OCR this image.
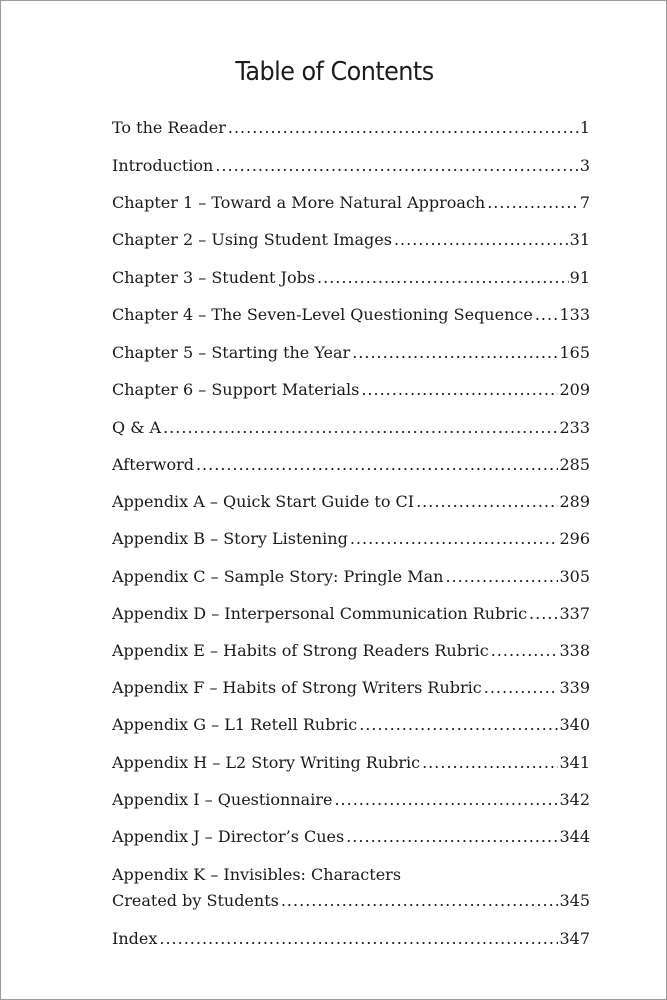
Table of Contents
To the Reader .....	1
Introduction .....	3
Chapter 1 – Toward a More Natural Approach .....	7
Chapter 2 – Using Student Images .....	31
Chapter 3 – Student Jobs .....	91
Chapter 4 – The Seven-Level Questioning Sequence ..... 133
Chapter 5 – Starting the Year .....	165
Chapter 6 – Support Materials .....	209
Q & A .....	233
Afterword .....	285
Appendix A – Quick Start Guide to CI .....	289
Appendix B – Story Listening .....	296
Appendix C – Sample Story: Pringle Man .....	305
Appendix D – Interpersonal Communication Rubric ..... 337
Appendix E – Habits of Strong Readers Rubric .....	338
Appendix F – Habits of Strong Writers Rubric .....	339
Appendix G – L1 Retell Rubric .....	340
Appendix H – L2 Story Writing Rubric .....	341
Appendix I – Questionnaire .....	342
Appendix J – Director’s Cues .....	344
Appendix K – Invisibles: Characters
Created by Students .....	345
Index .....	347
